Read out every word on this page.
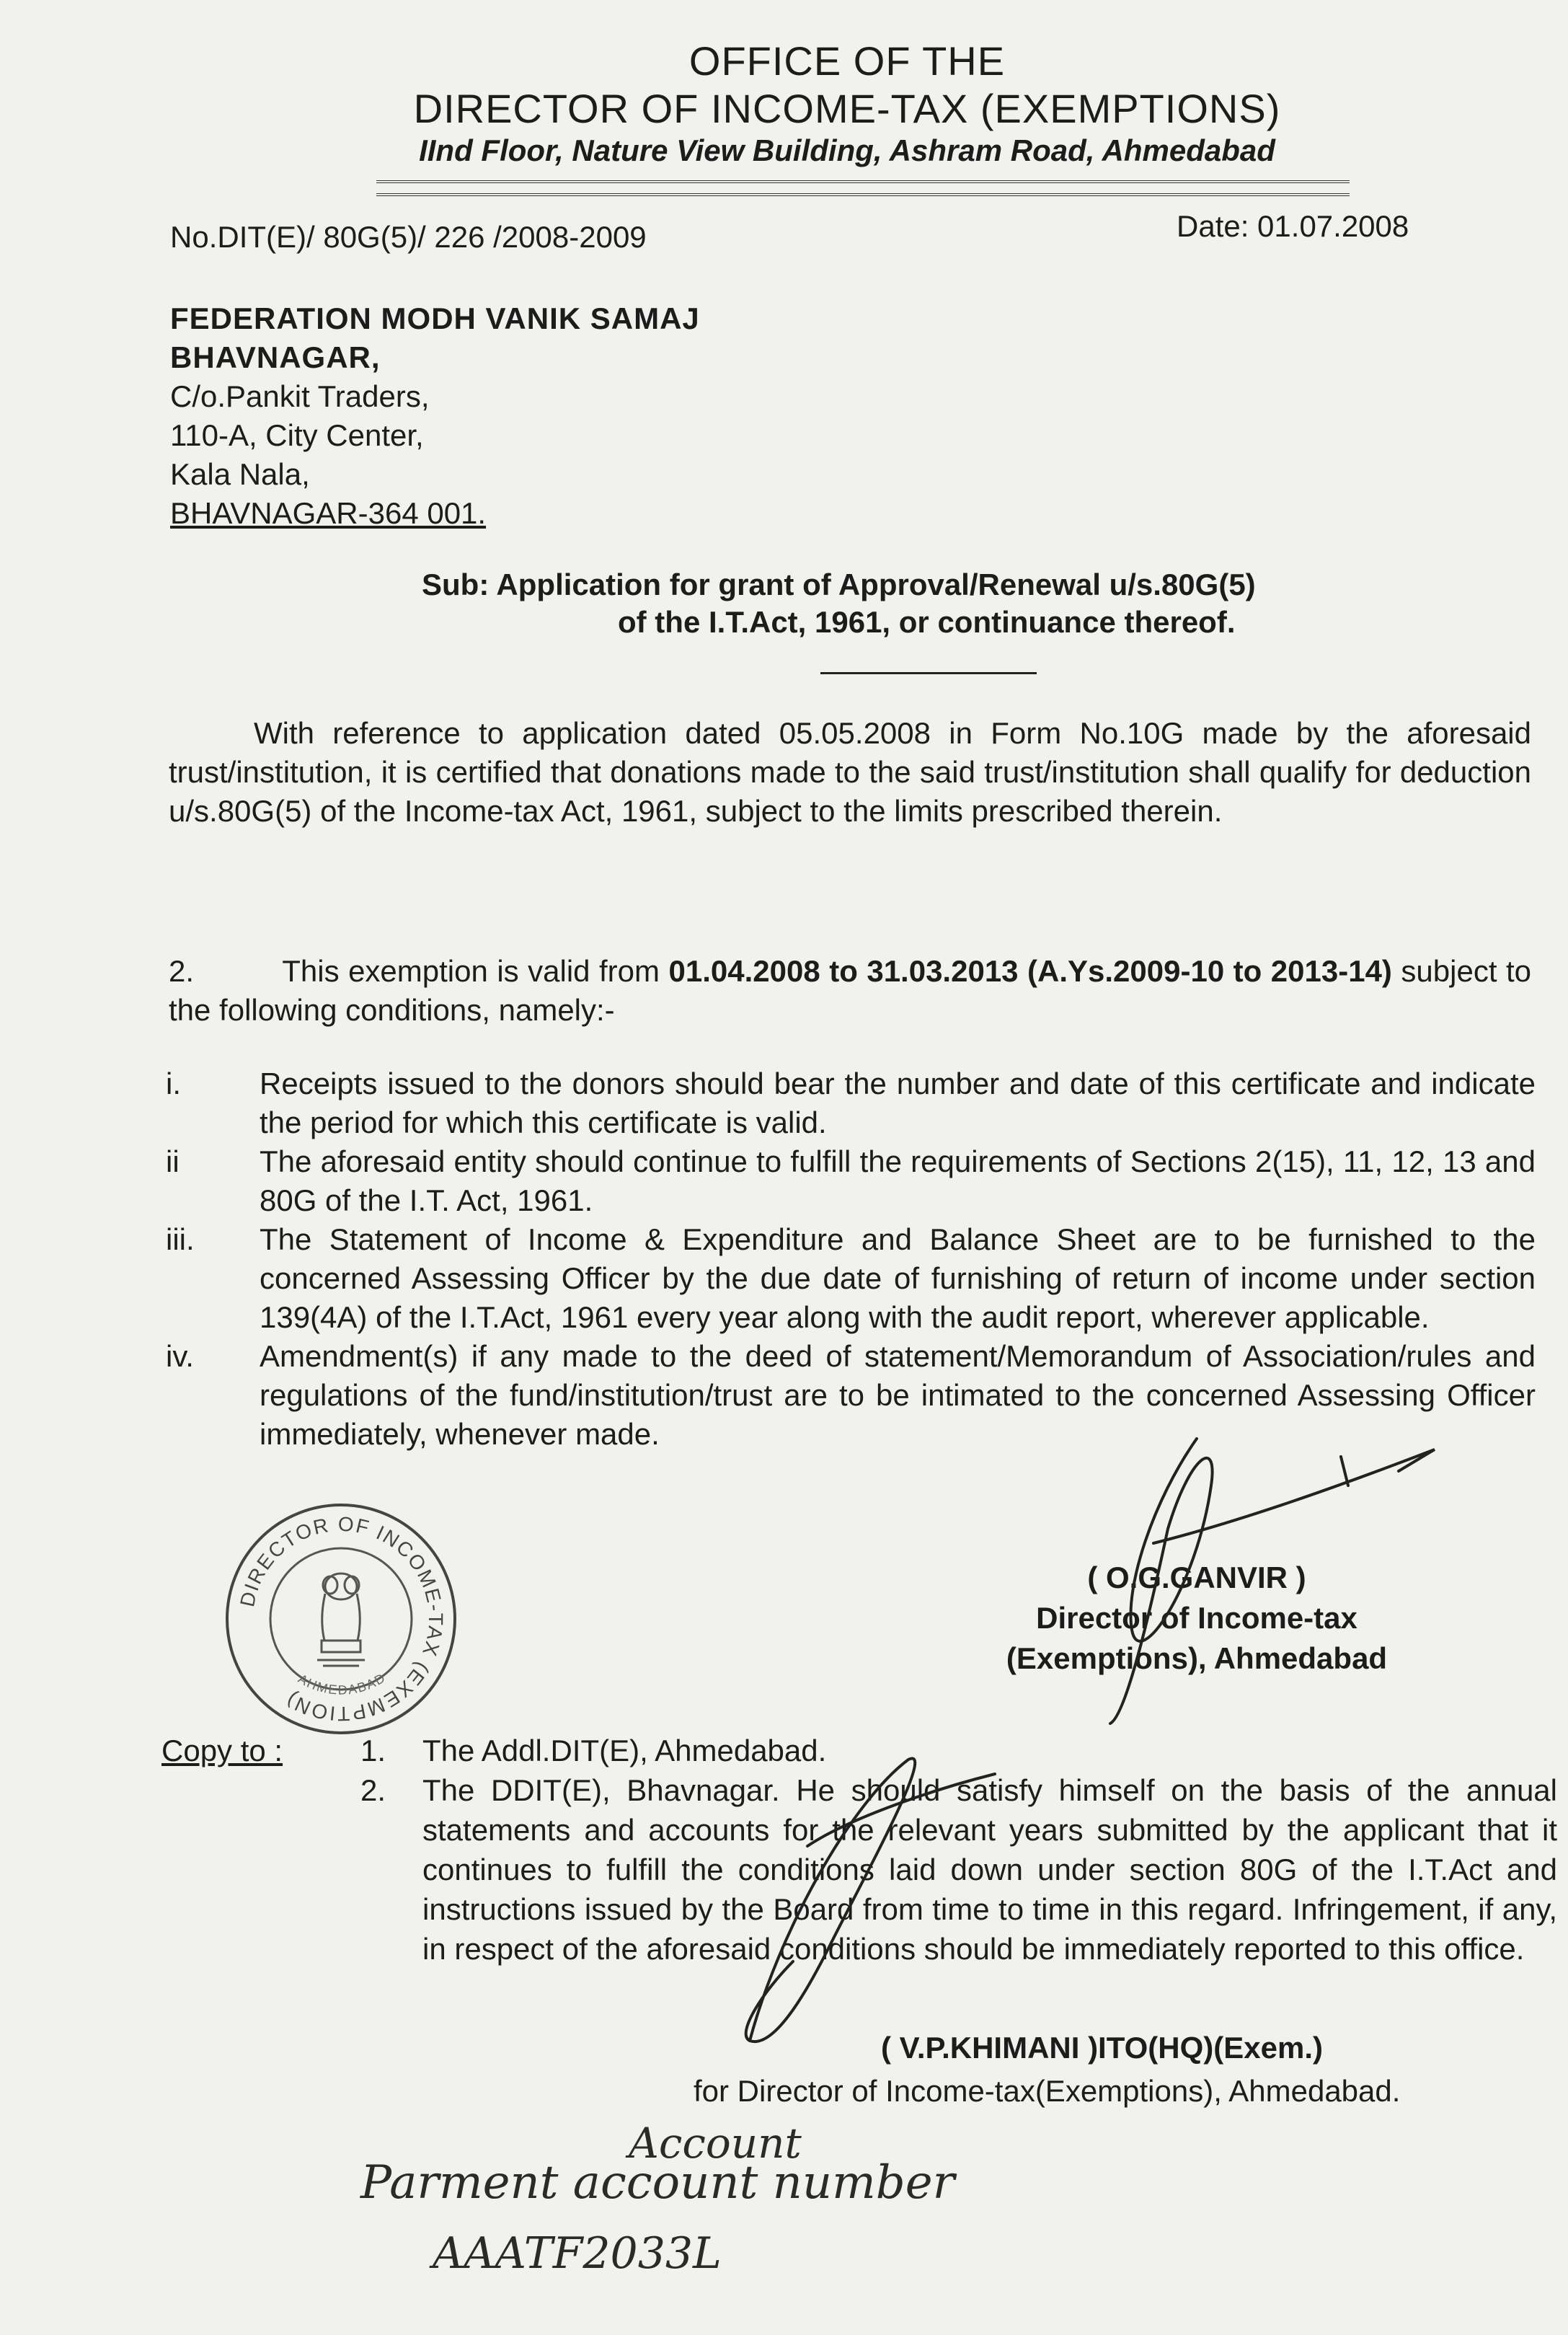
OFFICE OF THE
DIRECTOR OF INCOME-TAX (EXEMPTIONS)
IInd Floor, Nature View Building, Ashram Road, Ahmedabad
No.DIT(E)/ 80G(5)/ 226 /2008-2009	Date: 01.07.2008
FEDERATION MODH VANIK SAMAJ
BHAVNAGAR,
C/o.Pankit Traders,
110-A, City Center,
Kala Nala,
BHAVNAGAR-364 001.
Sub: Application for grant of Approval/Renewal u/s.80G(5)
of the I.T.Act, 1961, or continuance thereof.
With reference to application dated 05.05.2008 in Form No.10G made by the aforesaid trust/institution, it is certified that donations made to the said trust/institution shall qualify for deduction u/s.80G(5) of the Income-tax Act, 1961, subject to the limits prescribed therein.
2.	This exemption is valid from 01.04.2008 to 31.03.2013 (A.Ys.2009-10 to 2013-14) subject to the following conditions, namely:-
i.	Receipts issued to the donors should bear the number and date of this certificate and indicate the period for which this certificate is valid.
ii	The aforesaid entity should continue to fulfill the requirements of Sections 2(15), 11, 12, 13 and 80G of the I.T. Act, 1961.
iii.	The Statement of Income & Expenditure and Balance Sheet are to be furnished to the concerned Assessing Officer by the due date of furnishing of return of income under section 139(4A) of the I.T.Act, 1961 every year along with the audit report, wherever applicable.
iv.	Amendment(s) if any made to the deed of statement/Memorandum of Association/rules and regulations of the fund/institution/trust are to be intimated to the concerned Assessing Officer immediately, whenever made.
DIRECTOR OF INCOME-TAX (EXEMPTION)
AHMEDABAD
( O.G.GANVIR )
Director of Income-tax
(Exemptions), Ahmedabad
Copy to :	1.	The Addl.DIT(E), Ahmedabad.
2.	The DDIT(E), Bhavnagar. He should satisfy himself on the basis of the annual statements and accounts for the relevant years submitted by the applicant that it continues to fulfill the conditions laid down under section 80G of the I.T.Act and instructions issued by the Board from time to time in this regard. Infringement, if any, in respect of the aforesaid conditions should be immediately reported to this office.
( V.P.KHIMANI )ITO(HQ)(Exem.)
for Director of Income-tax(Exemptions), Ahmedabad.
Account
Parment account number
AAATF2033L
